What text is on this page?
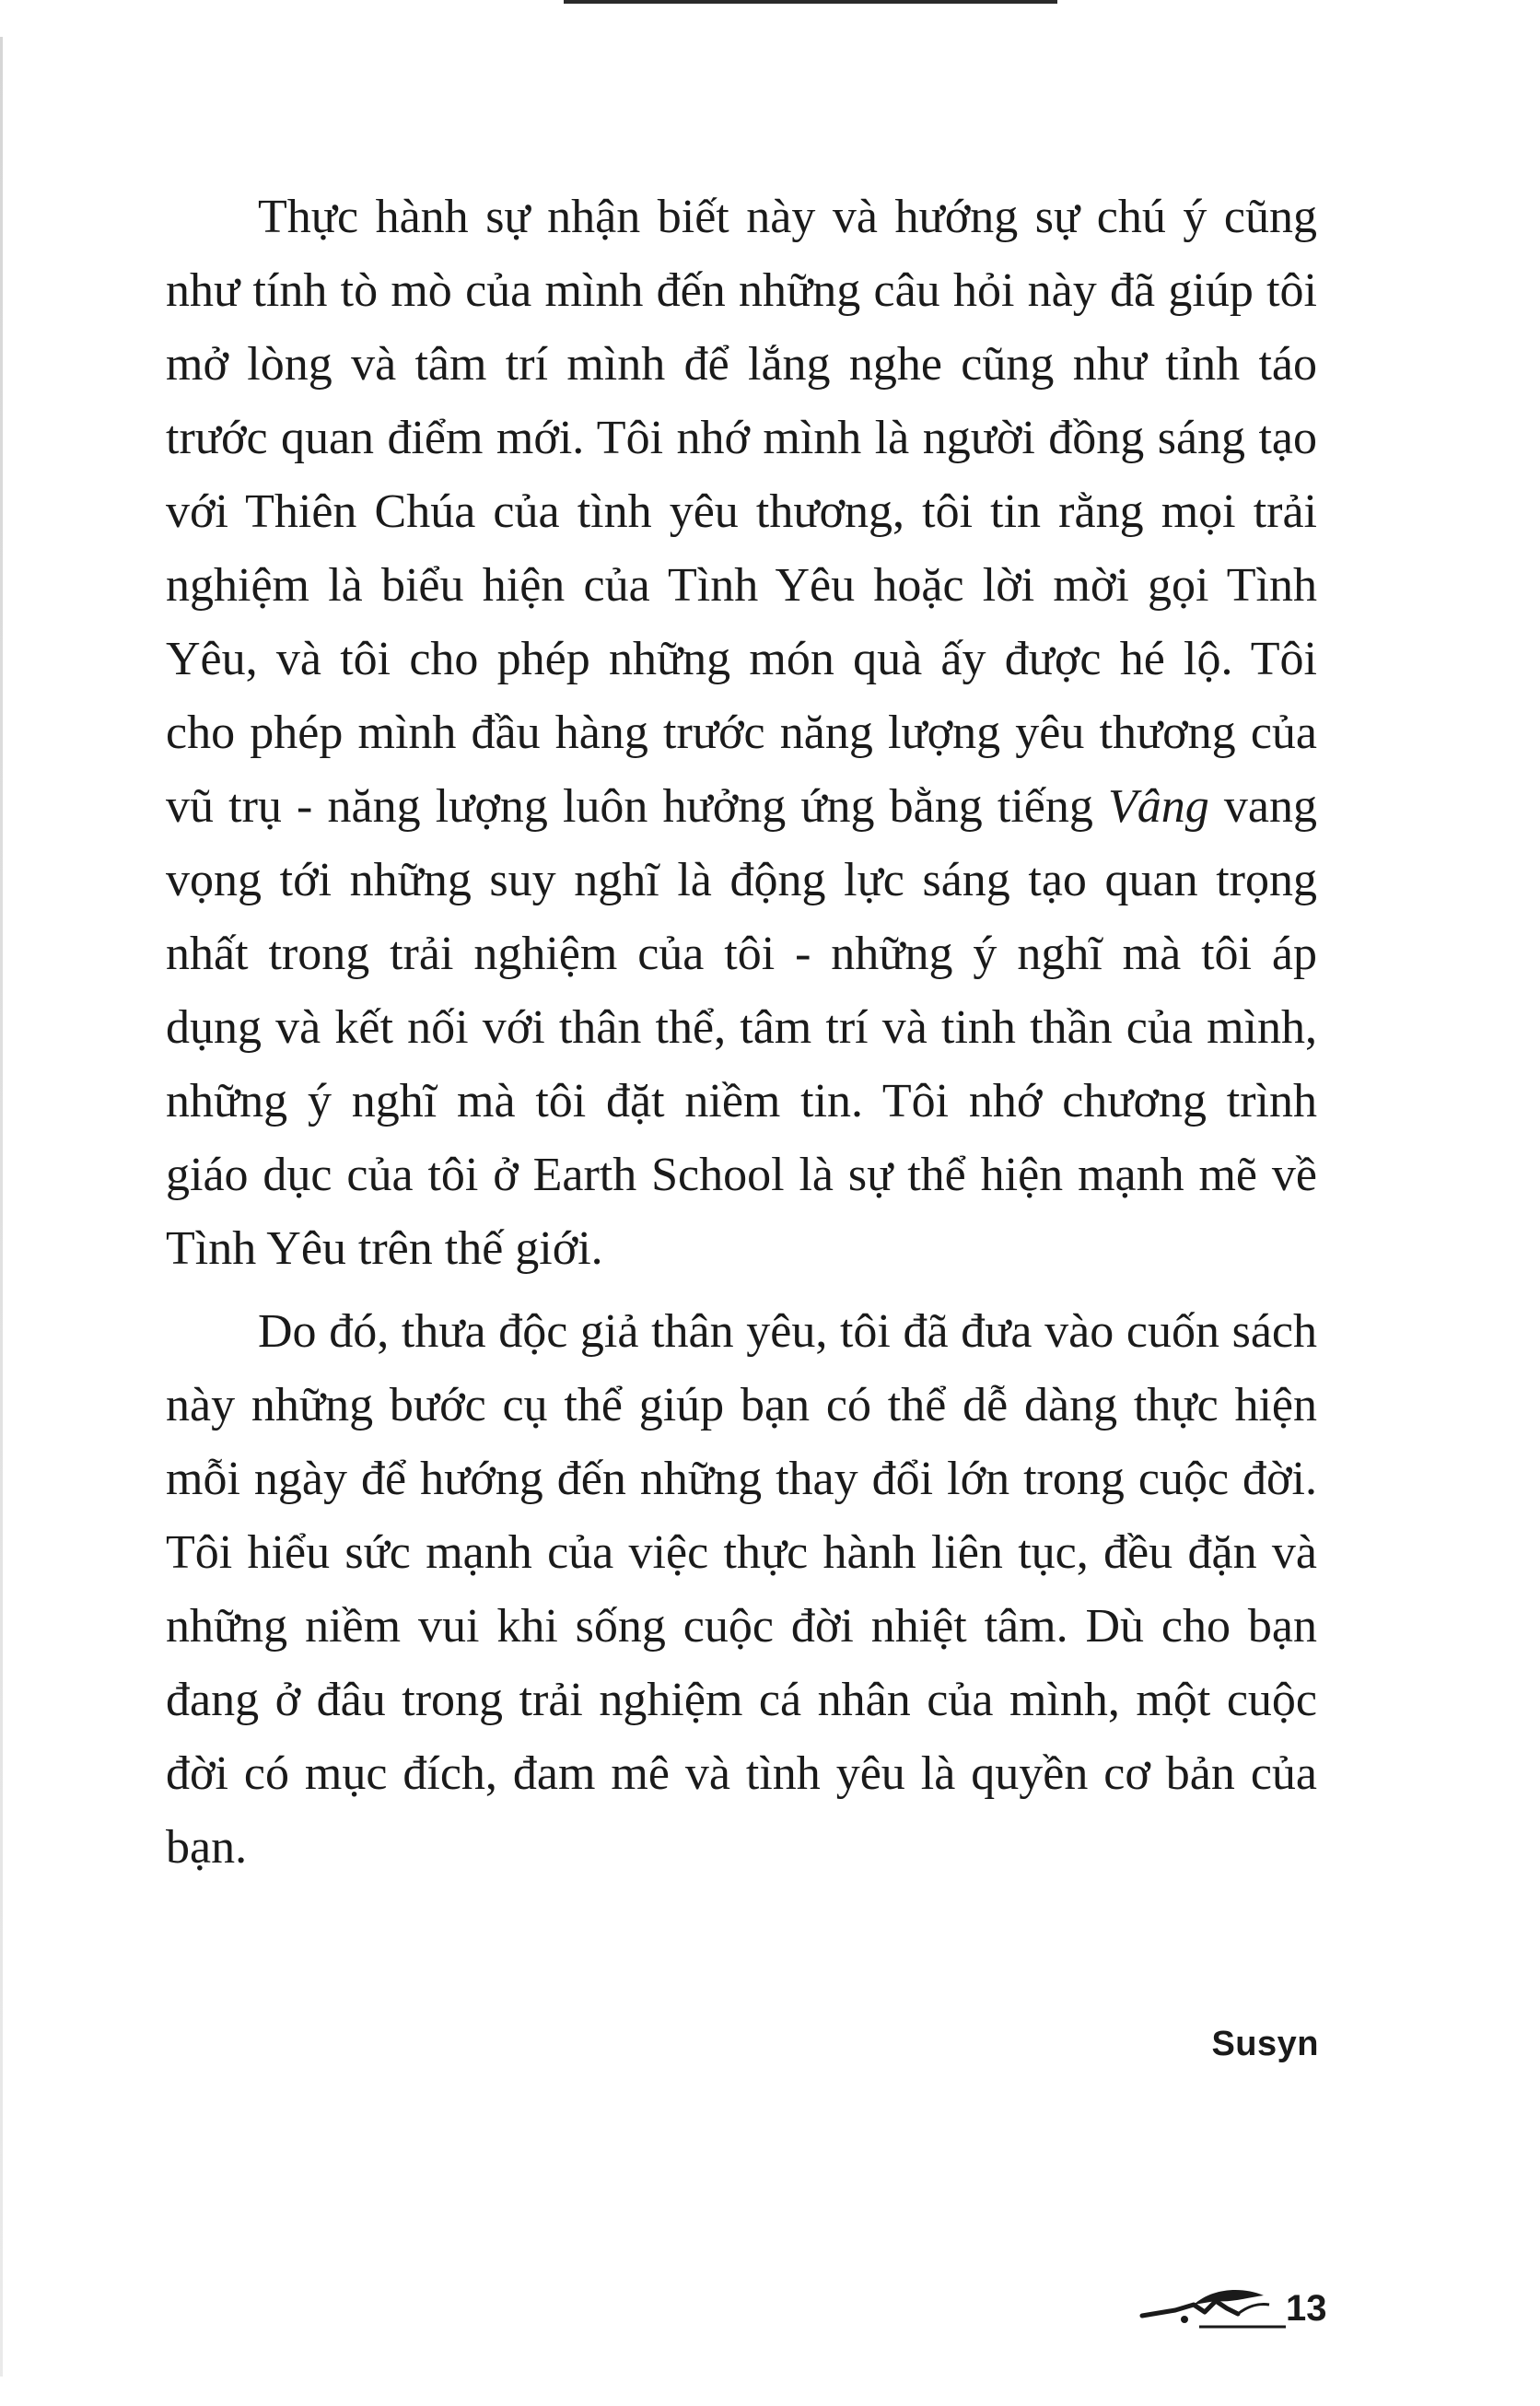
Thực hành sự nhận biết này và hướng sự chú ý cũng như tính tò mò của mình đến những câu hỏi này đã giúp tôi mở lòng và tâm trí mình để lắng nghe cũng như tỉnh táo trước quan điểm mới. Tôi nhớ mình là người đồng sáng tạo với Thiên Chúa của tình yêu thương, tôi tin rằng mọi trải nghiệm là biểu hiện của Tình Yêu hoặc lời mời gọi Tình Yêu, và tôi cho phép những món quà ấy được hé lộ. Tôi cho phép mình đầu hàng trước năng lượng yêu thương của vũ trụ - năng lượng luôn hưởng ứng bằng tiếng Vâng vang vọng tới những suy nghĩ là động lực sáng tạo quan trọng nhất trong trải nghiệm của tôi - những ý nghĩ mà tôi áp dụng và kết nối với thân thể, tâm trí và tinh thần của mình, những ý nghĩ mà tôi đặt niềm tin. Tôi nhớ chương trình giáo dục của tôi ở Earth School là sự thể hiện mạnh mẽ về Tình Yêu trên thế giới.

Do đó, thưa độc giả thân yêu, tôi đã đưa vào cuốn sách này những bước cụ thể giúp bạn có thể dễ dàng thực hiện mỗi ngày để hướng đến những thay đổi lớn trong cuộc đời. Tôi hiểu sức mạnh của việc thực hành liên tục, đều đặn và những niềm vui khi sống cuộc đời nhiệt tâm. Dù cho bạn đang ở đâu trong trải nghiệm cá nhân của mình, một cuộc đời có mục đích, đam mê và tình yêu là quyền cơ bản của bạn.

Susyn
13
